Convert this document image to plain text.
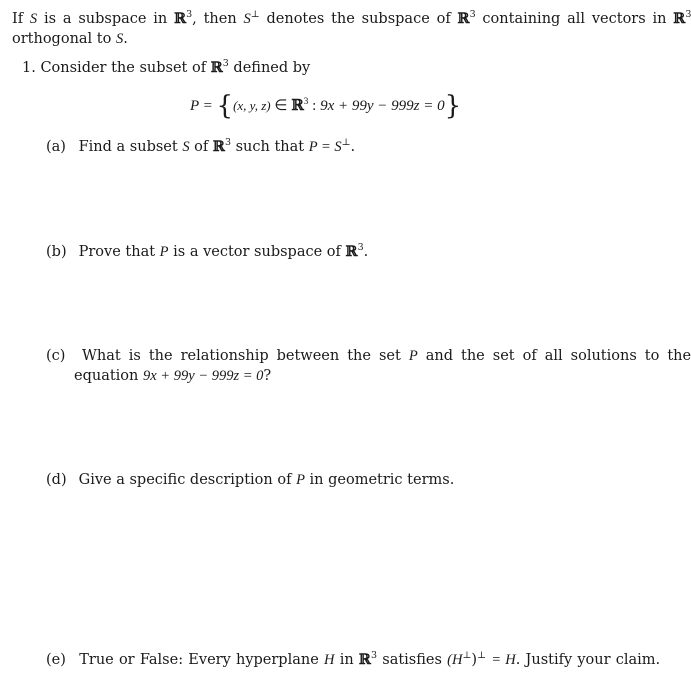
If S is a subspace in ℝ$^3$, then S⊥ denotes the subspace of ℝ$^3$ containing all vectors in ℝ$^3$
orthogonal to S.
1. Consider the subset of ℝ$^3$ defined by
P = {(x, y, z) ∈ ℝ$^3$ : 9x + 99y − 999z = 0}
(a) Find a subset S of ℝ$^3$ such that P = S⊥.
(b) Prove that P is a vector subspace of ℝ$^3$.
(c) What is the relationship between the set P and the set of all solutions to the
equation 9x + 99y − 999z = 0?
(d) Give a specific description of P in geometric terms.
(e) True or False: Every hyperplane H in ℝ$^3$ satisfies (H⊥)⊥ = H. Justify your claim.
